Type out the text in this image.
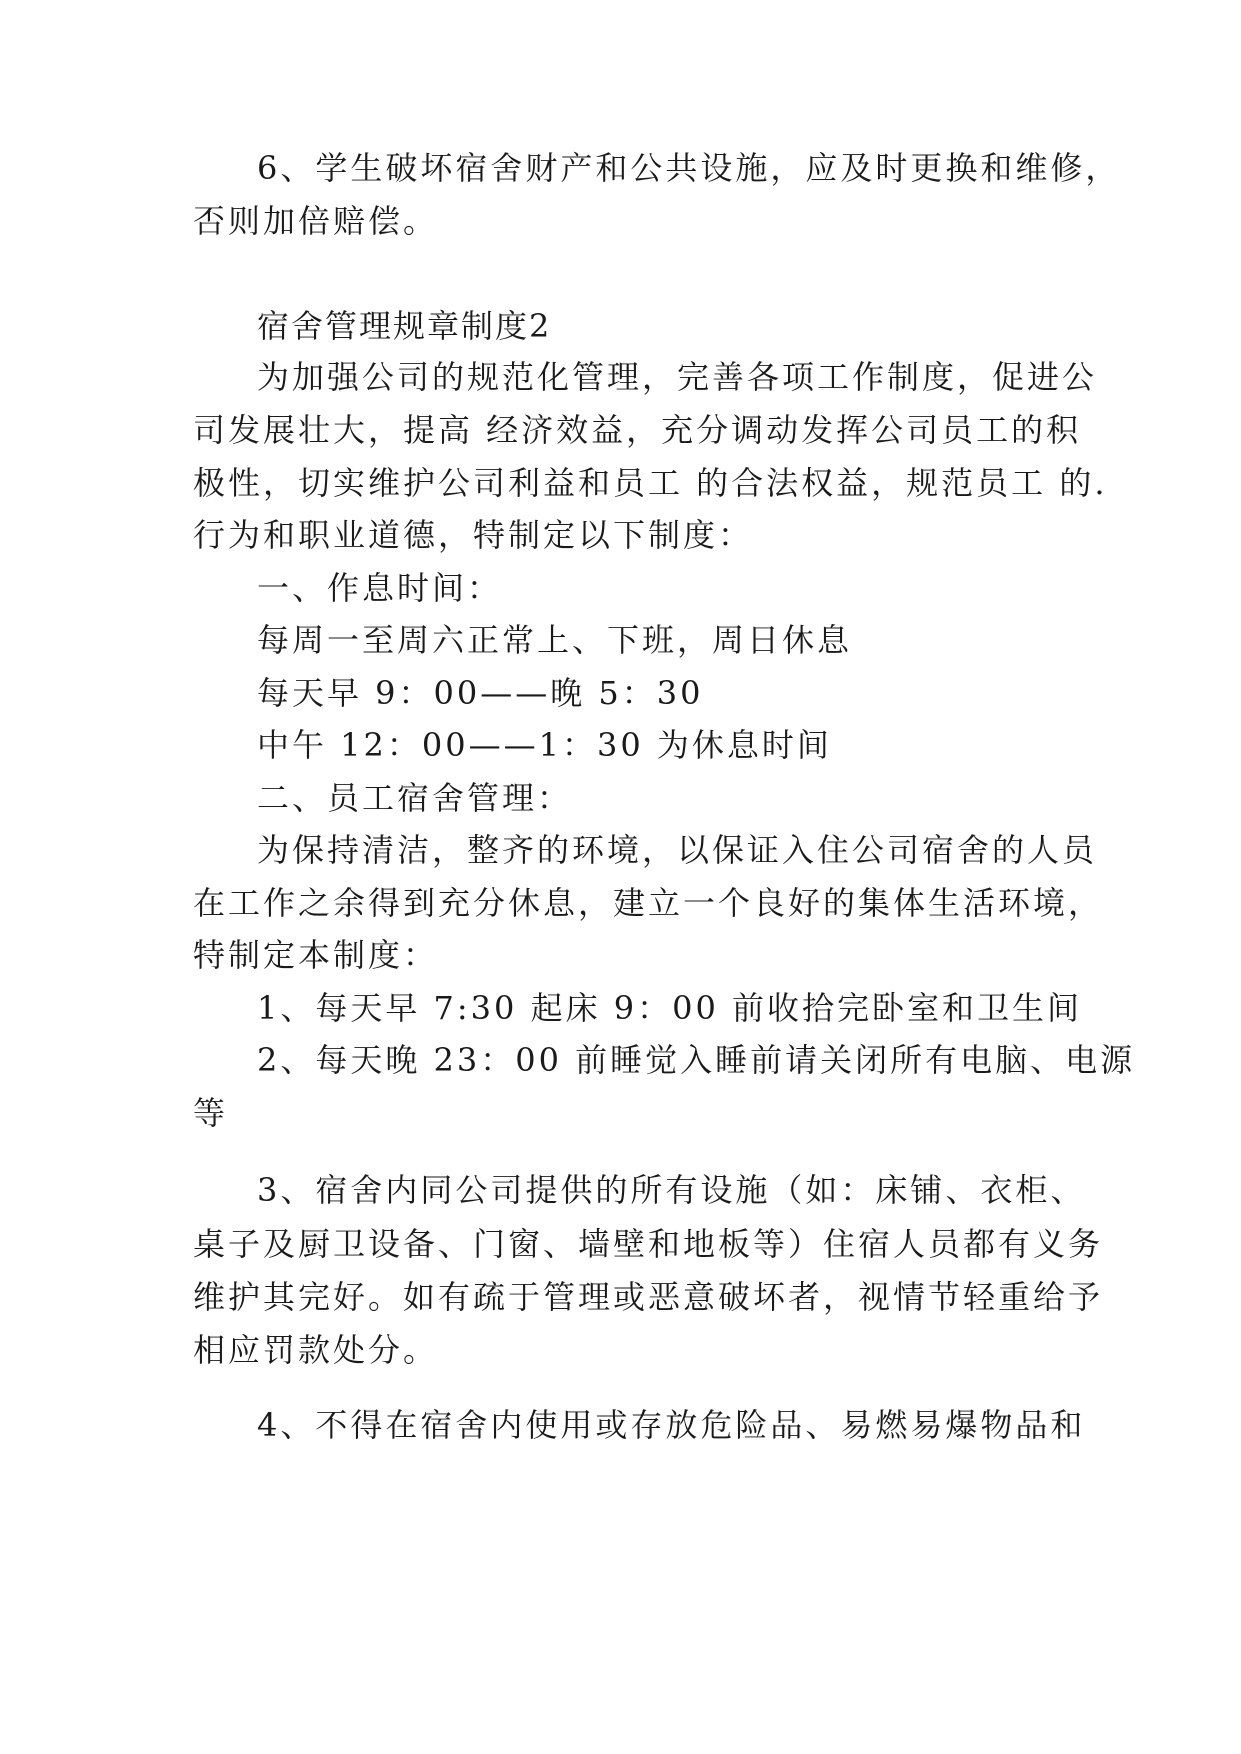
6、学生破坏宿舍财产和公共设施，应及时更换和维修，
否则加倍赔偿。
宿舍管理规章制度2
为加强公司的规范化管理，完善各项工作制度，促进公
司发展壮大，提高 经济效益，充分调动发挥公司员工的积
极性，切实维护公司利益和员工 的合法权益，规范员工 的.
行为和职业道德，特制定以下制度：
一、作息时间：
每周一至周六正常上、下班，周日休息
每天早 9：00——晚 5：30
中午 12：00——1：30 为休息时间
二、员工宿舍管理：
为保持清洁，整齐的环境，以保证入住公司宿舍的人员
在工作之余得到充分休息，建立一个良好的集体生活环境，
特制定本制度：
1、每天早 7:30 起床 9：00 前收拾完卧室和卫生间
2、每天晚 23：00 前睡觉入睡前请关闭所有电脑、电源
等
3、宿舍内同公司提供的所有设施（如：床铺、衣柜、
桌子及厨卫设备、门窗、墙壁和地板等）住宿人员都有义务
维护其完好。如有疏于管理或恶意破坏者，视情节轻重给予
相应罚款处分。
4、不得在宿舍内使用或存放危险品、易燃易爆物品和
